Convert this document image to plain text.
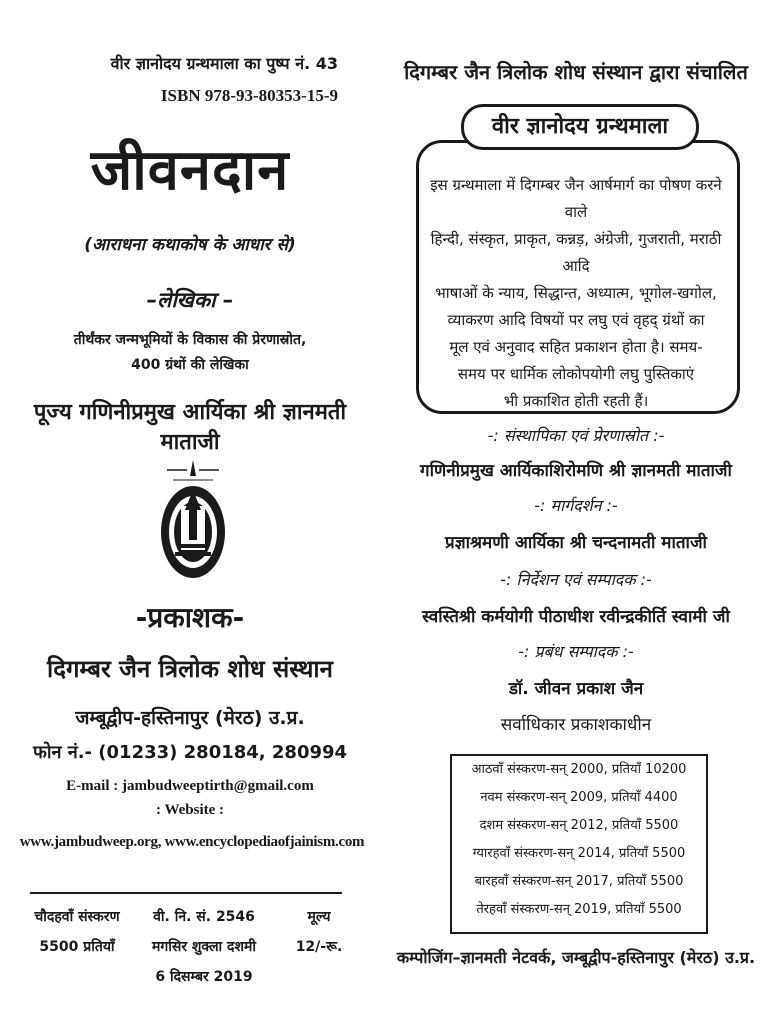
वीर ज्ञानोदय ग्रन्थमाला का पुष्प नं. 43
ISBN 978-93-80353-15-9
जीवनदान
(आराधना कथाकोष के आधार से)
–लेखिका –
तीर्थंकर जन्मभूमियों के विकास की प्रेरणास्रोत,
400 ग्रंथों की लेखिका
पूज्य गणिनीप्रमुख आर्यिका श्री ज्ञानमती माताजी
-प्रकाशक-
दिगम्बर जैन त्रिलोक शोध संस्थान
जम्बूद्वीप-हस्तिनापुर (मेरठ) उ.प्र.
फोन नं.- (01233) 280184, 280994
E-mail : jambudweeptirth@gmail.com
: Website :
www.jambudweep.org, www.encyclopediaofjainism.com
चौदहवाँ संस्करण
5500 प्रतियाँ
वी. नि. सं. 2546
मगसिर शुक्ला दशमी
6 दिसम्बर 2019
मूल्य
12/-रू.
दिगम्बर जैन त्रिलोक शोध संस्थान द्वारा संचालित
वीर ज्ञानोदय ग्रन्थमाला
इस ग्रन्थमाला में दिगम्बर जैन आर्षमार्ग का पोषण करने वाले
हिन्दी, संस्कृत, प्राकृत, कन्नड़, अंग्रेजी, गुजराती, मराठी आदि
भाषाओं के न्याय, सिद्धान्त, अध्यात्म, भूगोल-खगोल,
व्याकरण आदि विषयों पर लघु एवं वृहद् ग्रंथों का
मूल एवं अनुवाद सहित प्रकाशन होता है। समय-
समय पर धार्मिक लोकोपयोगी लघु पुस्तिकाएं
भी प्रकाशित होती रहती हैं।
-: संस्थापिका एवं प्रेरणास्रोत :-
गणिनीप्रमुख आर्यिकाशिरोमणि श्री ज्ञानमती माताजी
-: मार्गदर्शन :-
प्रज्ञाश्रमणी आर्यिका श्री चन्दनामती माताजी
-: निर्देशन एवं सम्पादक :-
स्वस्तिश्री कर्मयोगी पीठाधीश रवीन्द्रकीर्ति स्वामी जी
-: प्रबंध सम्पादक :-
डॉ. जीवन प्रकाश जैन
सर्वाधिकार प्रकाशकाधीन
आठवाँ संस्करण-सन् 2000, प्रतियाँ 10200
नवम संस्करण-सन् 2009, प्रतियाँ 4400
दशम संस्करण-सन् 2012, प्रतियाँ 5500
ग्यारहवाँ संस्करण-सन् 2014, प्रतियाँ 5500
बारहवाँ संस्करण-सन् 2017, प्रतियाँ 5500
तेरहवाँ संस्करण-सन् 2019, प्रतियाँ 5500
कम्पोजिंग–ज्ञानमती नेटवर्क, जम्बूद्वीप-हस्तिनापुर (मेरठ) उ.प्र.
